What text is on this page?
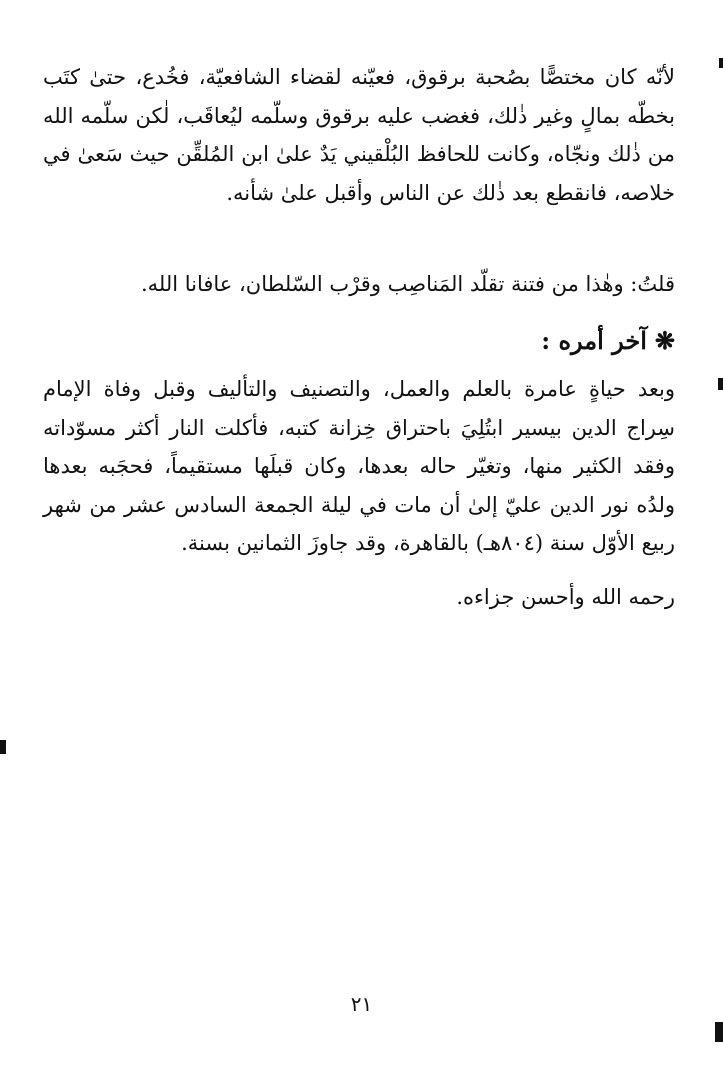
لأنّه كان مختصًّا بصُحبة برقوق، فعيّنه لقضاء الشافعيّة، فخُدع، حتىٰ كتَب بخطّه بمالٍ وغير ذٰلك، فغضب عليه برقوق وسلّمه ليُعاقَب، لٰكن سلّمه الله من ذٰلك ونجّاه، وكانت للحافظ البُلْقيني يَدٌ علىٰ ابن المُلقِّن حيث سَعىٰ في خلاصه، فانقطع بعد ذٰلك عن الناس وأقبل علىٰ شأنه.

قلتُ: وهٰذا من فتنة تقلّد المَناصِب وقرْب السّلطان، عافانا الله.

❋آخر أمره :

وبعد حياةٍ عامرة بالعلم والعمل، والتصنيف والتأليف وقبل وفاة الإمام سِراج الدين بيسير ابتُلِيَ باحتراق خِزانة كتبه، فأكلت النار أكثر مسوّداته وفقد الكثير منها، وتغيّر حاله بعدها، وكان قبلَها مستقيماً، فحجَبه بعدها ولدُه نور الدين عليّ إلىٰ أن مات في ليلة الجمعة السادس عشر من شهر ربيع الأوّل سنة (٨٠٤هـ) بالقاهرة، وقد جاوزَ الثمانين بسنة.

رحمه الله وأحسن جزاءه.

٢١
